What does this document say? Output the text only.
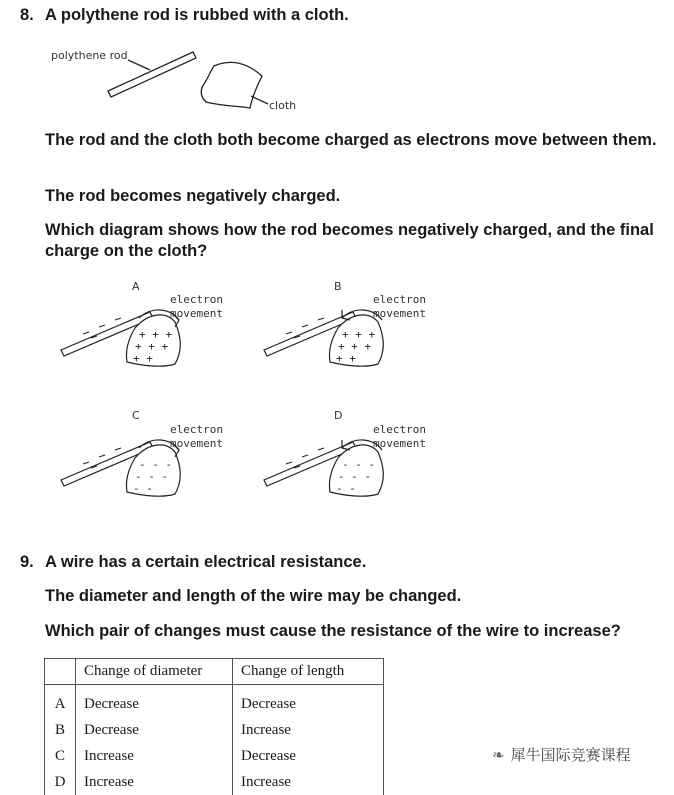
8. A polythene rod is rubbed with a cloth.
polythene rod
cloth
The rod and the cloth both become charged as electrons move between them.
The rod becomes negatively charged.
Which diagram shows how the rod becomes negatively charged, and the final charge on the cloth?
A
electron
movement
+ + +
+ + +
+ +
B
electron
movement
+ + +
+ + +
+ +
C
electron
movement
- - -
- - -
- -
D
electron
movement
- - -
- - -
- -
9. A wire has a certain electrical resistance.
The diameter and length of the wire may be changed.
Which pair of changes must cause the resistance of the wire to increase?
	Change of diameter	Change of length
A	Decrease	Decrease
B	Decrease	Increase
C	Increase	Decrease
D	Increase	Increase
❧ 犀牛国际竞赛课程
